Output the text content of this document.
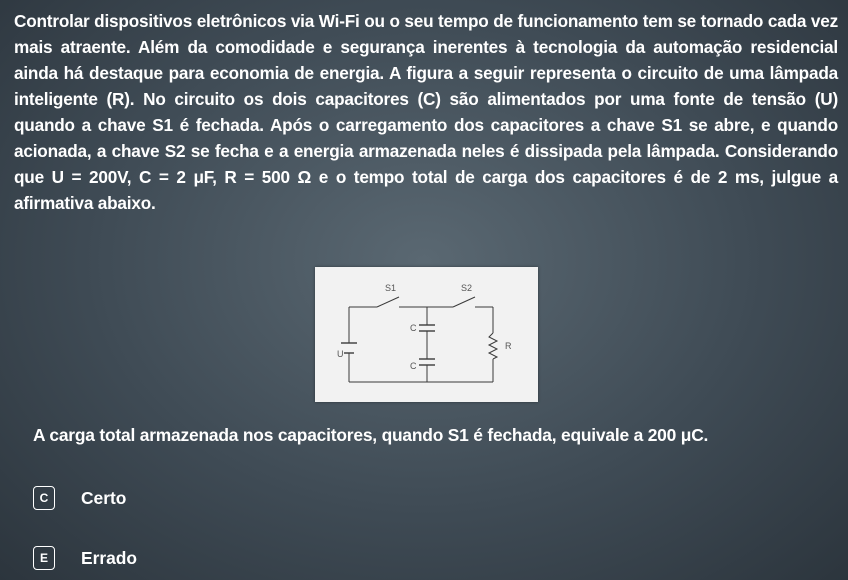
Controlar dispositivos eletrônicos via Wi-Fi ou o seu tempo de funcionamento tem se tornado cada vez mais atraente. Além da comodidade e segurança inerentes à tecnologia da automação residencial ainda há destaque para economia de energia. A figura a seguir representa o circuito de uma lâmpada inteligente (R). No circuito os dois capacitores (C) são alimentados por uma fonte de tensão (U) quando a chave S1 é fechada. Após o carregamento dos capacitores a chave S1 se abre, e quando acionada, a chave S2 se fecha e a energia armazenada neles é dissipada pela lâmpada. Considerando que U = 200V, C = 2 μF, R = 500 Ω e o tempo total de carga dos capacitores é de 2 ms, julgue a afirmativa abaixo.

S1	S2
C
C
U
R
A carga total armazenada nos capacitores, quando S1 é fechada, equivale a 200 μC.
C	Certo
E	Errado
